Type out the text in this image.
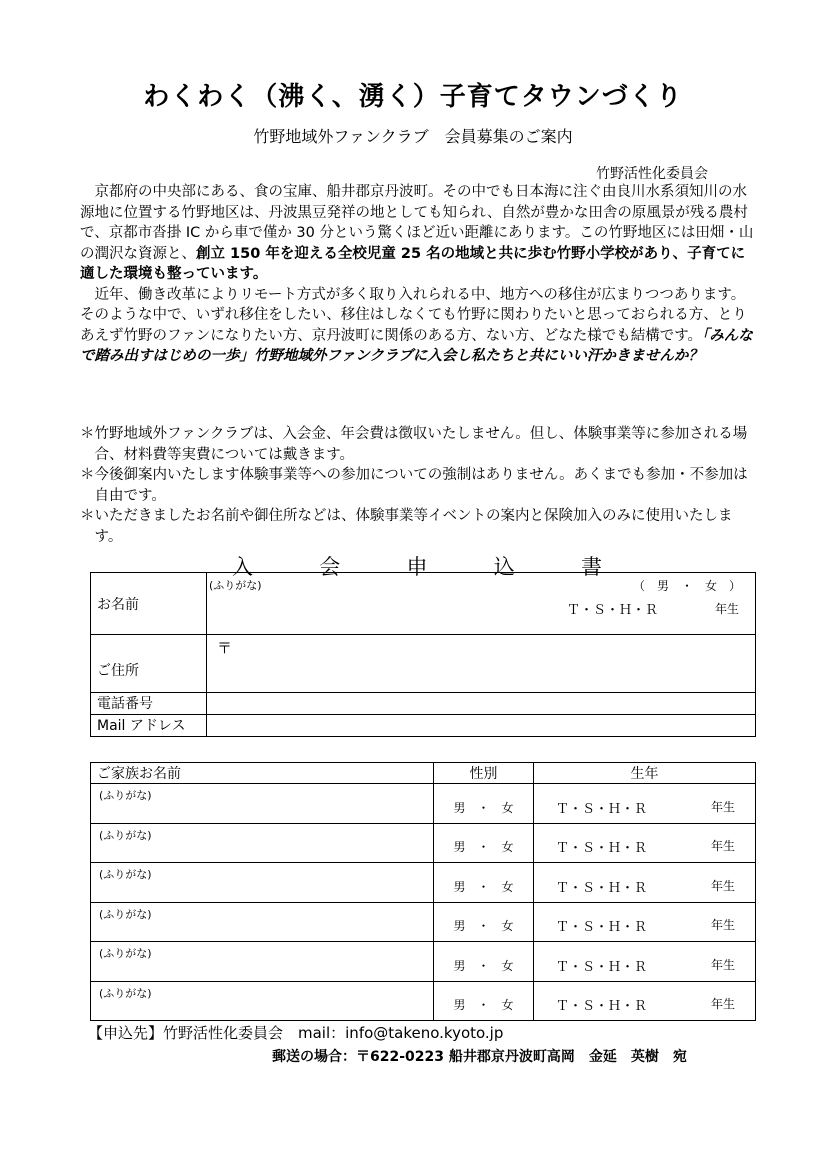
わくわく（沸く、湧く）子育てタウンづくり
竹野地域外ファンクラブ　会員募集のご案内
竹野活性化委員会

京都府の中央部にある、食の宝庫、船井郡京丹波町。その中でも日本海に注ぐ由良川水系須知川の水源地に位置する竹野地区は、丹波黒豆発祥の地としても知られ、自然が豊かな田舎の原風景が残る農村で、京都市沓掛 IC から車で僅か 30 分という驚くほど近い距離にあります。この竹野地区には田畑・山の潤沢な資源と、創立 150 年を迎える全校児童 25 名の地域と共に歩む竹野小学校があり、子育てに適した環境も整っています。

近年、働き改革によりリモート方式が多く取り入れられる中、地方への移住が広まりつつあります。そのような中で、いずれ移住をしたい、移住はしなくても竹野に関わりたいと思っておられる方、とりあえず竹野のファンになりたい方、京丹波町に関係のある方、ない方、どなた様でも結構です。「みんなで踏み出すはじめの一歩」竹野地域外ファンクラブに入会し私たちと共にいい汗かきませんか？

＊竹野地域外ファンクラブは、入会金、年会費は徴収いたしません。但し、体験事業等に参加される場合、材料費等実費については戴きます。
＊今後御案内いたします体験事業等への参加についての強制はありません。あくまでも参加・不参加は自由です。
＊いただきましたお名前や御住所などは、体験事業等イベントの案内と保険加入のみに使用いたします。
入	会	申	込	書
お名前	(ふりがな) （　男　・　女　）
Ｔ・Ｓ・Ｈ・Ｒ 年生

ご住所	〒
電話番号	
Mail アドレス	
ご家族お名前	性別	生年
(ふりがな)	男　・　女	Ｔ・Ｓ・Ｈ・Ｒ 年生

(ふりがな)	男　・　女	Ｔ・Ｓ・Ｈ・Ｒ 年生

(ふりがな)	男　・　女	Ｔ・Ｓ・Ｈ・Ｒ 年生

(ふりがな)	男　・　女	Ｔ・Ｓ・Ｈ・Ｒ 年生

(ふりがな)	男　・　女	Ｔ・Ｓ・Ｈ・Ｒ 年生

(ふりがな)	男　・　女	Ｔ・Ｓ・Ｈ・Ｒ 年生
【申込先】竹野活性化委員会　mail：info@takeno.kyoto.jp
郵送の場合：〒622-0223 船井郡京丹波町高岡　金延　英樹　宛
